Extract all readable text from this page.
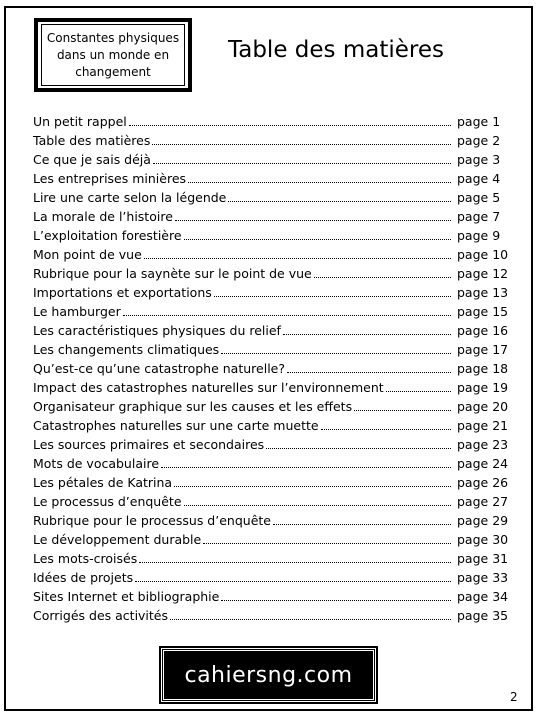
Constantes physiques
dans un monde en
changement
Table des matières
Un petit rappel	page 1
Table des matières	page 2
Ce que je sais déjà	page 3
Les entreprises minières	page 4
Lire une carte selon la légende	page 5
La morale de l’histoire	page 7
L’exploitation forestière	page 9
Mon point de vue	page 10
Rubrique pour la saynète sur le point de vue	page 12
Importations et exportations	page 13
Le hamburger	page 15
Les caractéristiques physiques du relief	page 16
Les changements climatiques	page 17
Qu’est-ce qu’une catastrophe naturelle?	page 18
Impact des catastrophes naturelles sur l’environnement	page 19
Organisateur graphique sur les causes et les effets	page 20
Catastrophes naturelles sur une carte muette	page 21
Les sources primaires et secondaires	page 23
Mots de vocabulaire	page 24
Les pétales de Katrina	page 26
Le processus d’enquête	page 27
Rubrique pour le processus d’enquête	page 29
Le développement durable	page 30
Les mots-croisés	page 31
Idées de projets	page 33
Sites Internet et bibliographie	page 34
Corrigés des activités	page 35
cahiersng.com
2
